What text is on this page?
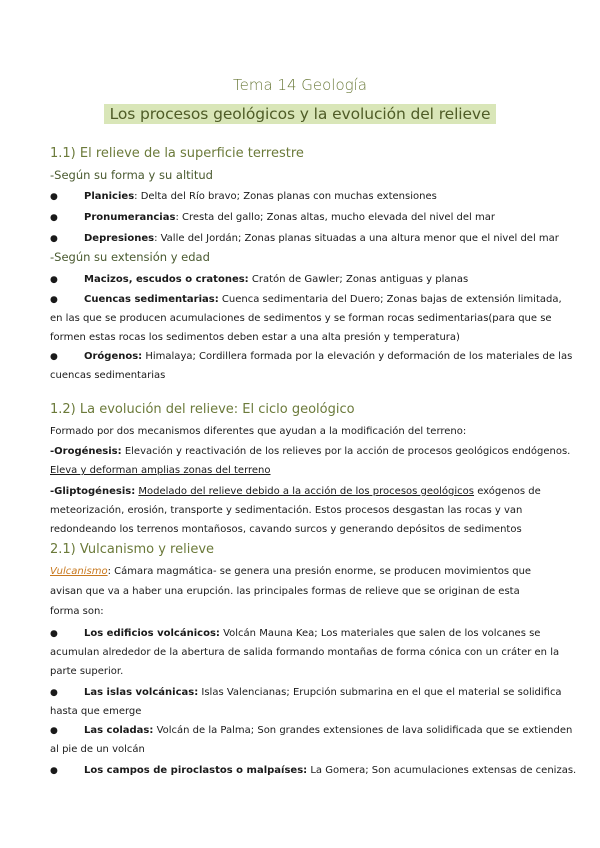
Tema 14 Geología
Los procesos geológicos y la evolución del relieve
1.1) El relieve de la superficie terrestre
-Según su forma y su altitud
●	Planicies: Delta del Río bravo; Zonas planas con muchas extensiones
●	Pronumerancias: Cresta del gallo; Zonas altas, mucho elevada del nivel del mar
●	Depresiones: Valle del Jordán; Zonas planas situadas a una altura menor que el nivel del mar
-Según su extensión y edad
●	Macizos, escudos o cratones: Cratón de Gawler; Zonas antiguas y planas
●	Cuencas sedimentarias: Cuenca sedimentaria del Duero; Zonas bajas de extensión limitada,
en las que se producen acumulaciones de sedimentos y se forman rocas sedimentarias(para que se
formen estas rocas los sedimentos deben estar a una alta presión y temperatura)
●	Orógenos: Himalaya; Cordillera formada por la elevación y deformación de los materiales de las
cuencas sedimentarias
1.2) La evolución del relieve: El ciclo geológico
Formado por dos mecanismos diferentes que ayudan a la modificación del terreno:
-Orogénesis: Elevación y reactivación de los relieves por la acción de procesos geológicos endógenos.
Eleva y deforman amplias zonas del terreno
-Gliptogénesis: Modelado del relieve debido a la acción de los procesos geológicos exógenos de
meteorización, erosión, transporte y sedimentación. Estos procesos desgastan las rocas y van
redondeando los terrenos montañosos, cavando surcos y generando depósitos de sedimentos
2.1) Vulcanismo y relieve
Vulcanismo: Cámara magmática- se genera una presión enorme, se producen movimientos que
avisan que va a haber una erupción. las principales formas de relieve que se originan de esta
forma son:
●	Los edificios volcánicos: Volcán Mauna Kea; Los materiales que salen de los volcanes se
acumulan alrededor de la abertura de salida formando montañas de forma cónica con un cráter en la
parte superior.
●	Las islas volcánicas: Islas Valencianas; Erupción submarina en el que el material se solidifica
hasta que emerge
●	Las coladas: Volcán de la Palma; Son grandes extensiones de lava solidificada que se extienden
al pie de un volcán
●	Los campos de piroclastos o malpaíses: La Gomera; Son acumulaciones extensas de cenizas.
